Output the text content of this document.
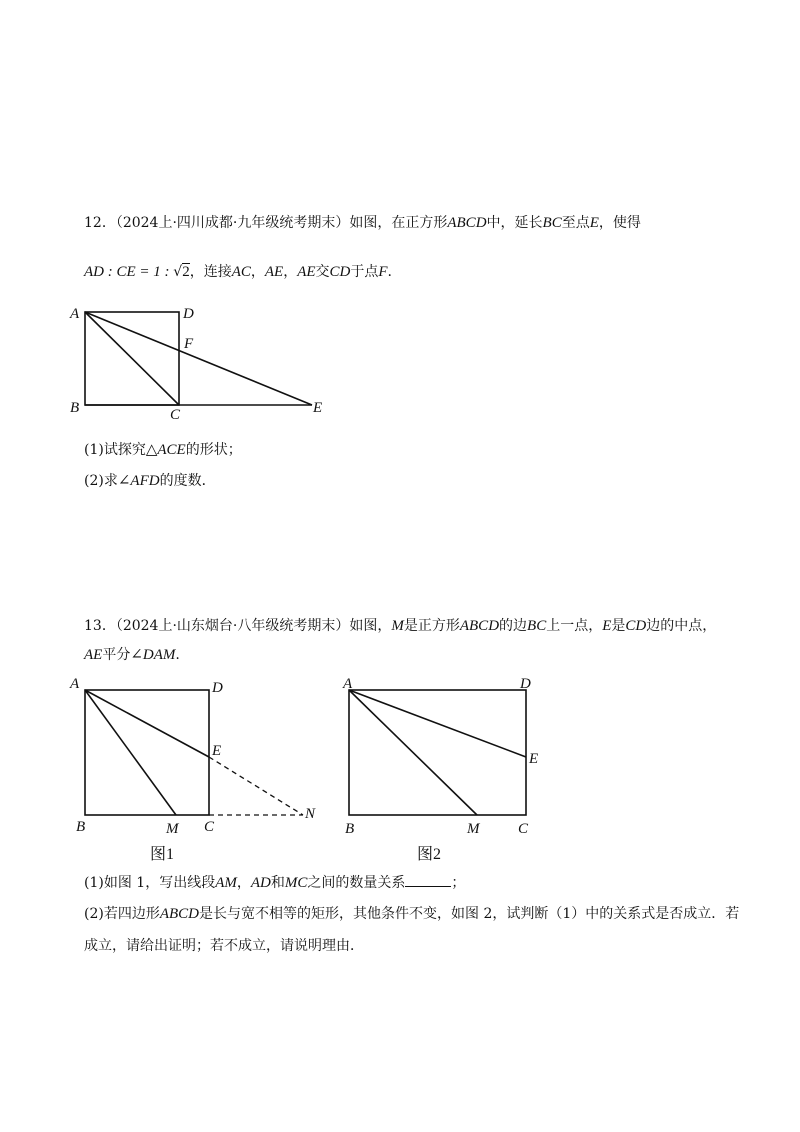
12．（2024上·四川成都·九年级统考期末）如图，在正方形ABCD中，延长BC至点E，使得
AD : CE = 1 : √2，连接AC，AE，AE交CD于点F.
A	D
F
B	C	E
(1)试探究△ACE的形状；
(2)求∠AFD的度数．
13．（2024上·山东烟台·八年级统考期末）如图，M是正方形ABCD的边BC上一点，E是CD边的中点，
AE平分∠DAM.
A	D
E
N
B	M C
图1
A	D
E
B	M	C
图2
(1)如图 1，写出线段AM，AD和MC之间的数量关系	；
(2)若四边形ABCD是长与宽不相等的矩形，其他条件不变，如图 2，试判断（1）中的关系式是否成立．若
成立，请给出证明；若不成立，请说明理由．
